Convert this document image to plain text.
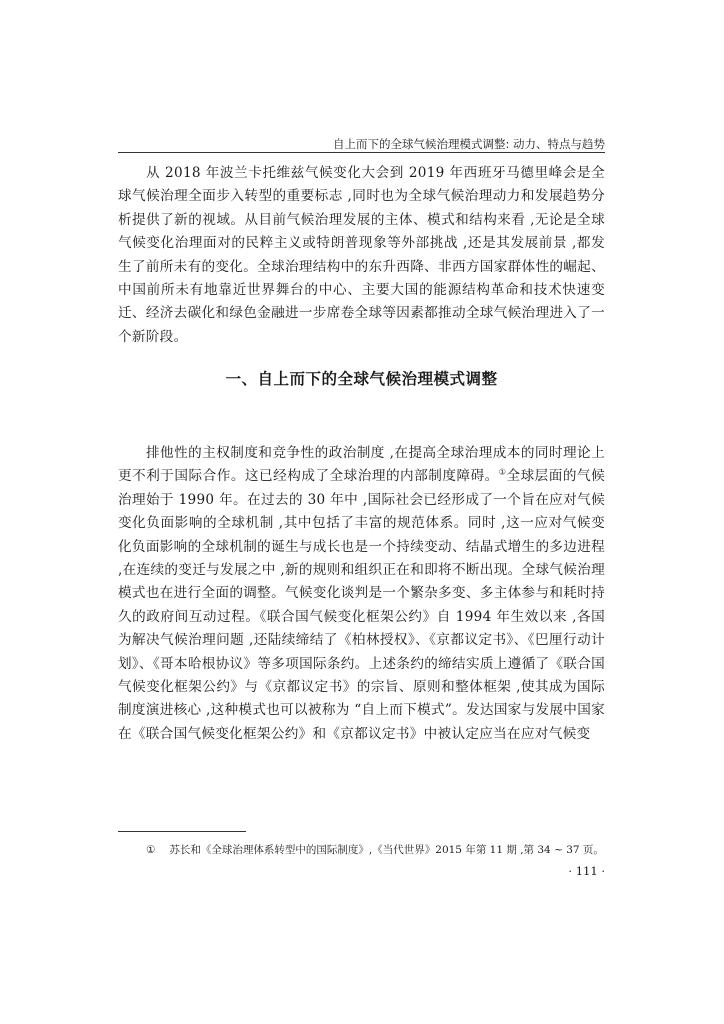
自上而下的全球气候治理模式调整: 动力、特点与趋势

从 2018 年波兰卡托维兹气候变化大会到 2019 年西班牙马德里峰会是全球气候治理全面步入转型的重要标志 ,同时也为全球气候治理动力和发展趋势分析提供了新的视域。从目前气候治理发展的主体、模式和结构来看 ,无论是全球气候变化治理面对的民粹主义或特朗普现象等外部挑战 ,还是其发展前景 ,都发生了前所未有的变化。全球治理结构中的东升西降、非西方国家群体性的崛起、中国前所未有地靠近世界舞台的中心、主要大国的能源结构革命和技术快速变迁、经济去碳化和绿色金融进一步席卷全球等因素都推动全球气候治理进入了一个新阶段。

一、自上而下的全球气候治理模式调整

排他性的主权制度和竞争性的政治制度 ,在提高全球治理成本的同时理论上更不利于国际合作。这已经构成了全球治理的内部制度障碍。①全球层面的气候治理始于 1990 年。在过去的 30 年中 ,国际社会已经形成了一个旨在应对气候变化负面影响的全球机制 ,其中包括了丰富的规范体系。同时 ,这一应对气候变化负面影响的全球机制的诞生与成长也是一个持续变动、结晶式增生的多边进程 ,在连续的变迁与发展之中 ,新的规则和组织正在和即将不断出现。全球气候治理模式也在进行全面的调整。气候变化谈判是一个繁杂多变、多主体参与和耗时持久的政府间互动过程。《联合国气候变化框架公约》自 1994 年生效以来 ,各国为解决气候治理问题 ,还陆续缔结了《柏林授权》、《京都议定书》、《巴厘行动计划》、《哥本哈根协议》等多项国际条约。上述条约的缔结实质上遵循了《联合国气候变化框架公约》与《京都议定书》的宗旨、原则和整体框架 ,使其成为国际制度演进核心 ,这种模式也可以被称为 “自上而下模式”。发达国家与发展中国家在《联合国气候变化框架公约》和《京都议定书》中被认定应当在应对气候变

① 苏长和《全球治理体系转型中的国际制度》,《当代世界》2015 年第 11 期 ,第 34 ~ 37 页。

· 111 ·
